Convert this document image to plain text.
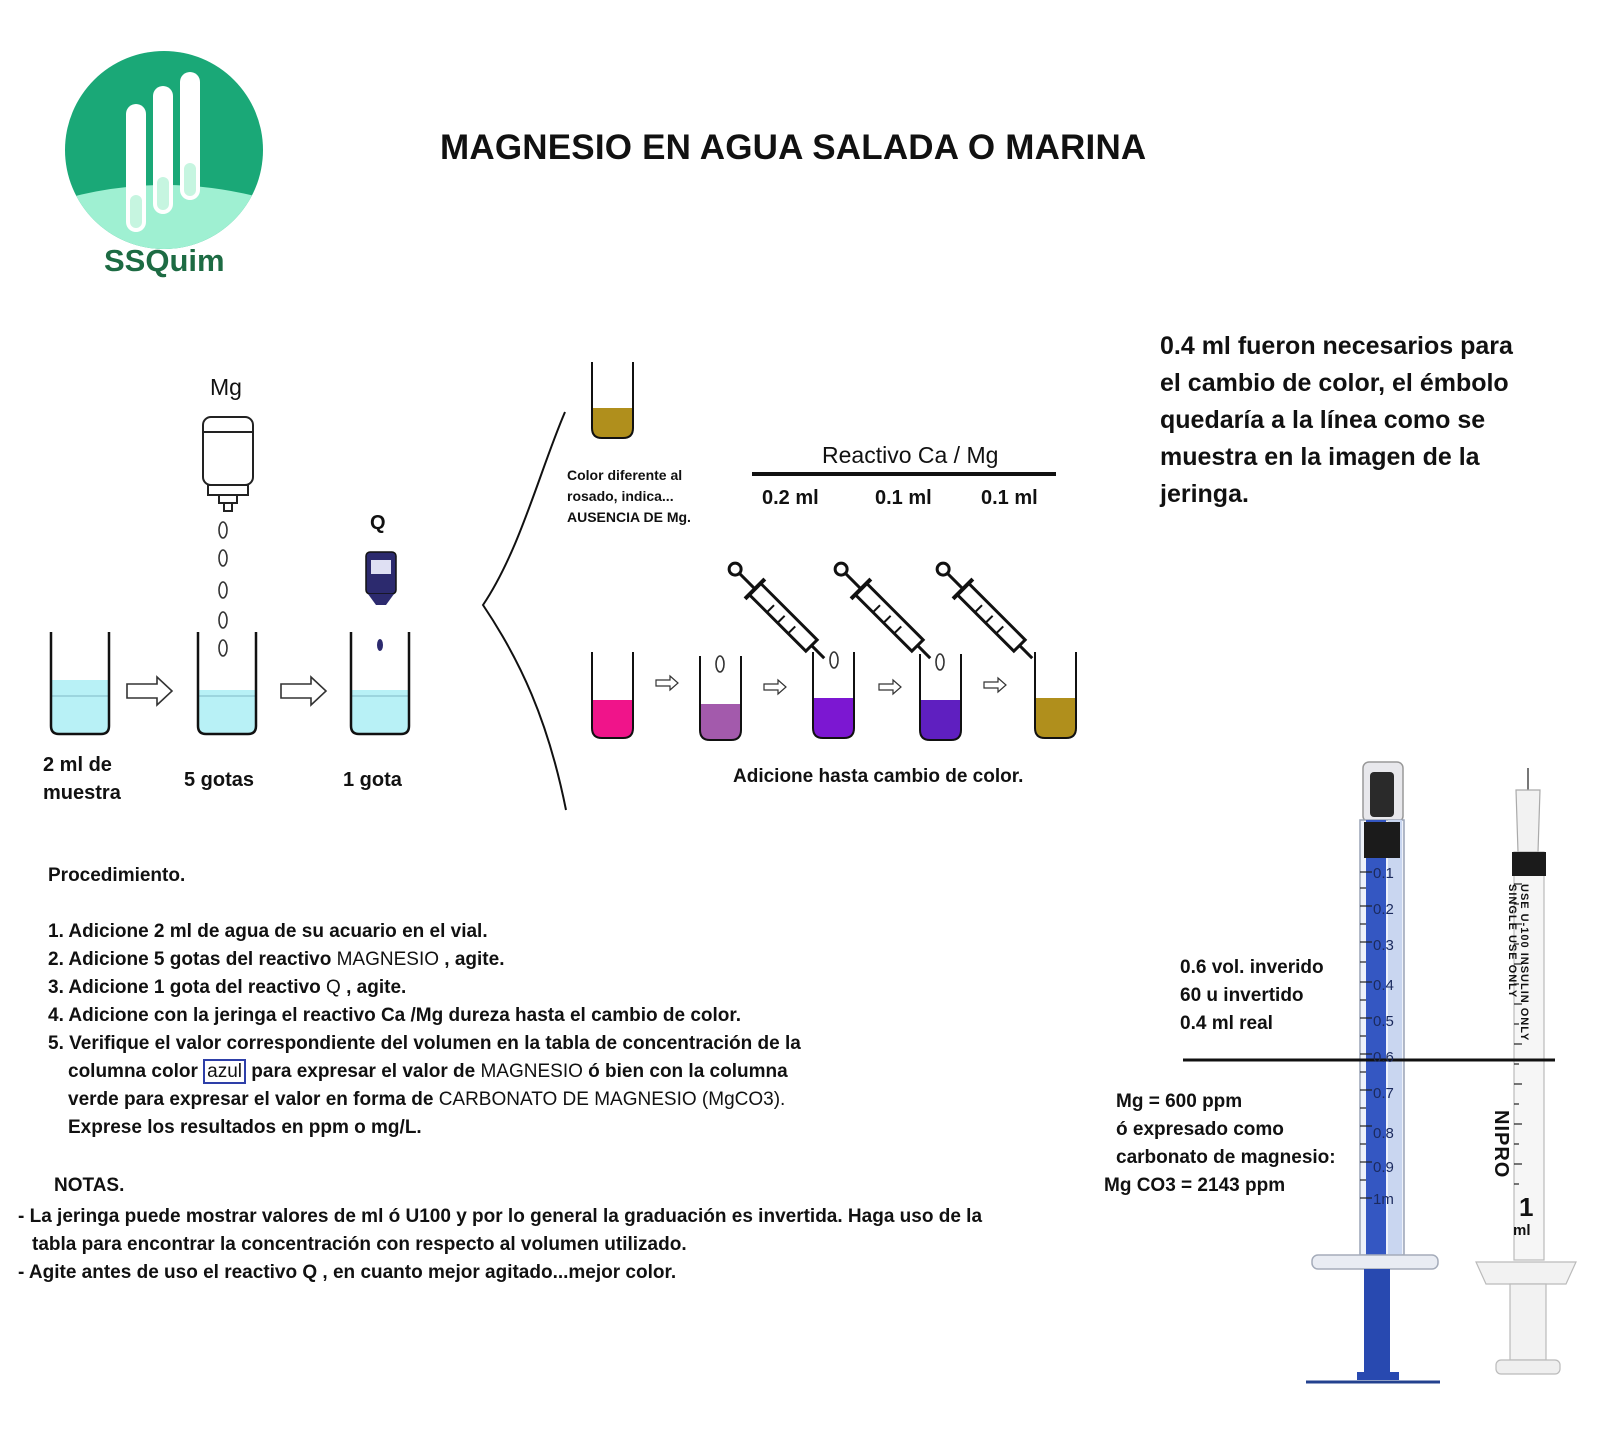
MAGNESIO EN AGUA SALADA O MARINA
SSQuim
Mg
Q
2 ml de
muestra
5 gotas	1 gota
Color diferente al
rosado, indica...
AUSENCIA DE Mg.
Reactivo Ca / Mg
0.2 ml	0.1 ml 0.1 ml
Adicione hasta cambio de color.
0.4 ml fueron necesarios para
el cambio de color, el émbolo
quedaría a la línea como se
muestra en la imagen de la
jeringa.
Procedimiento.
1. Adicione 2 ml de agua de su acuario en el vial.
2. Adicione 5 gotas del reactivo MAGNESIO , agite.
3. Adicione 1 gota del reactivo Q , agite.
4. Adicione con la jeringa el reactivo Ca /Mg dureza hasta el cambio de color.
5. Verifique el valor correspondiente del volumen en la tabla de concentración de la
columna color azul para expresar el valor de MAGNESIO ó bien con la columna
verde para expresar el valor en forma de CARBONATO DE MAGNESIO (MgCO3).
Exprese los resultados en ppm o mg/L.
NOTAS.
- La jeringa puede mostrar valores de ml ó U100 y por lo general la graduación es invertida. Haga uso de la
tabla para encontrar la concentración con respecto al volumen utilizado.
- Agite antes de uso el reactivo Q , en cuanto mejor agitado...mejor color.
0.6 vol. inverido
60 u invertido
0.4 ml real
Mg = 600 ppm
ó expresado como
carbonato de magnesio:
Mg CO3 = 2143 ppm
0.1
0.2
0.3
0.4
0.5
0.6
0.7
0.8
0.9
1m
USE U-100 INSULIN ONLY
SINGLE USE ONLY
NIPRO
1
ml
